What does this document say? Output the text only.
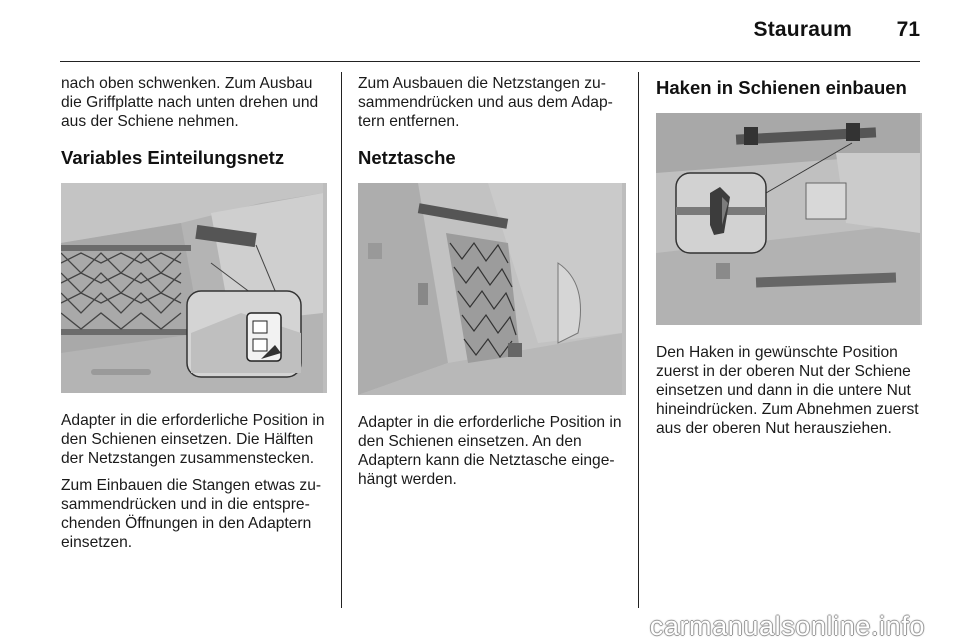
Stauraum	71

nach oben schwenken. Zum Ausbau die Griffplatte nach unten drehen und aus der Schiene nehmen.

Variables Einteilungsnetz

Adapter in die erforderliche Position in den Schienen einsetzen. Die Hälften der Netzstangen zusammenstecken.

Zum Einbauen die Stangen etwas zusammendrücken und in die entsprechenden Öffnungen in den Adaptern einsetzen.

Zum Ausbauen die Netzstangen zusammendrücken und aus dem Adaptern entfernen.

Netztasche

Adapter in die erforderliche Position in den Schienen einsetzen. An den Adaptern kann die Netztasche eingehängt werden.

Haken in Schienen einbauen

Den Haken in gewünschte Position zuerst in der oberen Nut der Schiene einsetzen und dann in die untere Nut hineindrücken. Zum Abnehmen zuerst aus der oberen Nut herausziehen.

carmanualsonline.info
